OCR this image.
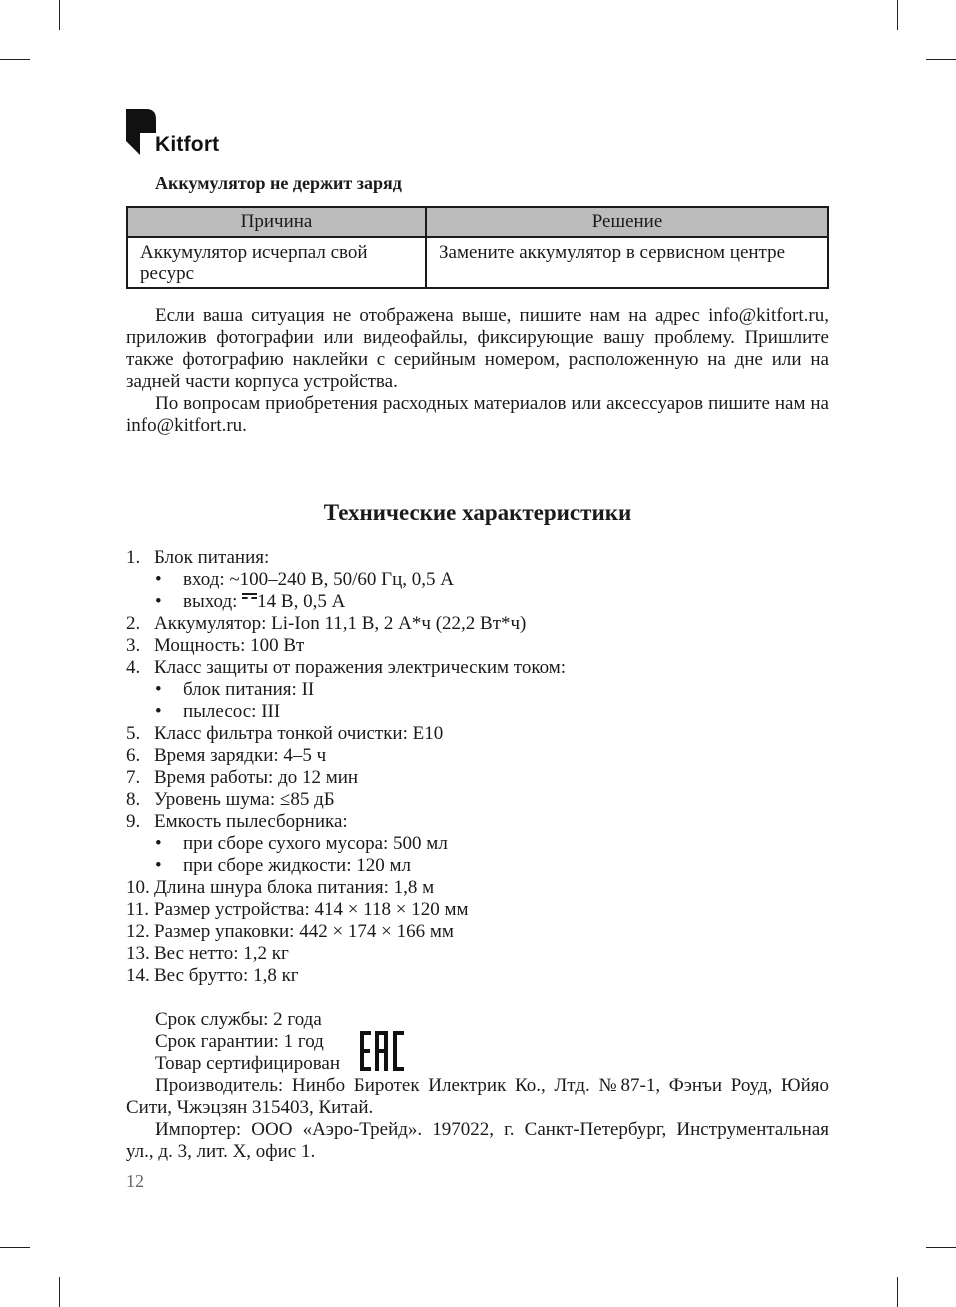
Kitfort
Аккумулятор не держит заряд
Причина	Решение
Аккумулятор исчерпал свой ресурс	Замените аккумулятор в сервисном центре

Если ваша ситуация не отображена выше, пишите нам на адрес info@kitfort.ru, приложив фотографии или видеофайлы, фиксирующие вашу проблему. Пришлите также фотографию наклейки с серийным номером, расположенную на дне или на задней части корпуса устройства.

По вопросам приобретения расходных материалов или аксессуаров пишите нам на info@kitfort.ru.

Технические характеристики
1. Блок питания:
•	вход: ~100–240 В, 50/60 Гц, 0,5 А
•	выход: 14 В, 0,5 А
2. Аккумулятор: Li-Ion 11,1 В, 2 А*ч (22,2 Вт*ч)
3. Мощность: 100 Вт
4. Класс защиты от поражения электрическим током:
•	блок питания: II
•	пылесос: III
5. Класс фильтра тонкой очистки: E10
6. Время зарядки: 4–5 ч
7. Время работы: до 12 мин
8. Уровень шума: ≤85 дБ
9. Емкость пылесборника:
•	при сборе сухого мусора: 500 мл
•	при сборе жидкости: 120 мл
10. Длина шнура блока питания: 1,8 м
11. Размер устройства: 414 × 118 × 120 мм
12. Размер упаковки: 442 × 174 × 166 мм
13. Вес нетто: 1,2 кг
14. Вес брутто: 1,8 кг
Срок службы: 2 года
Срок гарантии: 1 год
Товар сертифицирован

Производитель: Нинбо Биротек Илектрик Ко., Лтд. №87-1, Фэнъи Роуд, Юйяо Сити, Чжэцзян 315403, Китай.

Импортер: ООО «Аэро-Трейд». 197022, г. Санкт-Петербург, Инструментальная ул., д. 3, лит. Х, офис 1.

12
